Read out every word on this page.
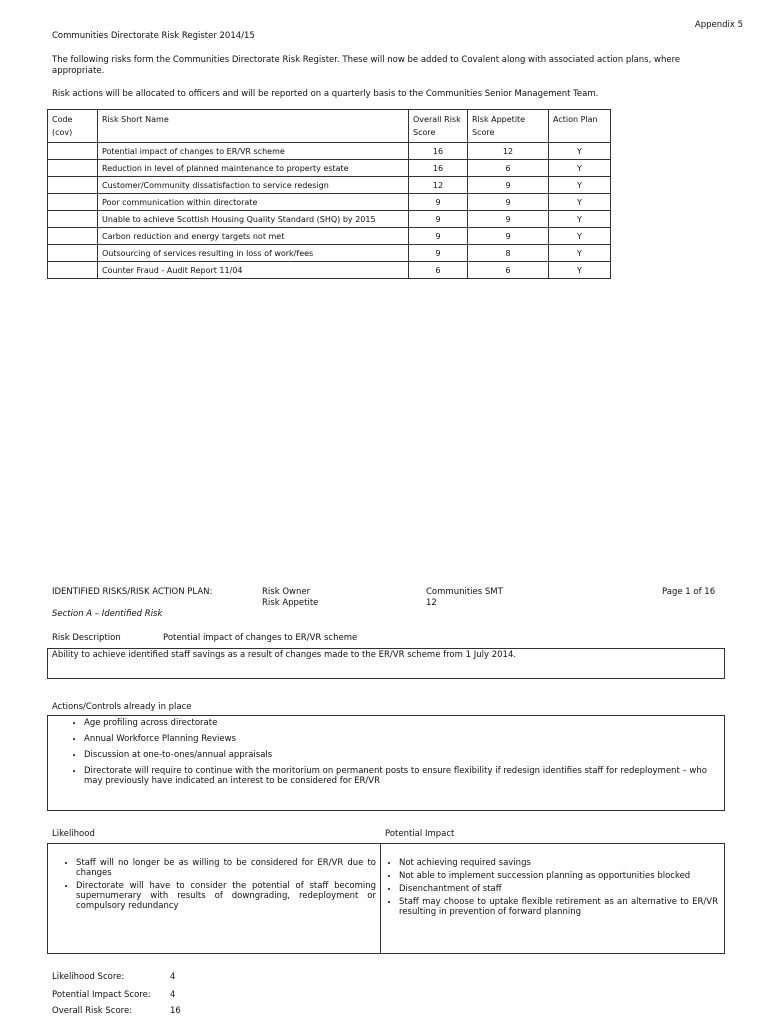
Appendix 5
Communities Directorate Risk Register 2014/15
The following risks form the Communities Directorate Risk Register. These will now be added to Covalent along with associated action plans, where appropriate.
Risk actions will be allocated to officers and will be reported on a quarterly basis to the Communities Senior Management Team.
Code (cov)	Risk Short Name	Overall Risk Score	Risk Appetite Score	Action Plan
	Potential impact of changes to ER/VR scheme	16	12	Y
	Reduction in level of planned maintenance to property estate	16	6	Y
	Customer/Community dissatisfaction to service redesign	12	9	Y
	Poor communication within directorate	9	9	Y
	Unable to achieve Scottish Housing Quality Standard (SHQ) by 2015	9	9	Y
	Carbon reduction and energy targets not met	9	9	Y
	Outsourcing of services resulting in loss of work/fees	9	8	Y
	Counter Fraud - Audit Report 11/04	6	6	Y
IDENTIFIED RISKS/RISK ACTION PLAN:	Risk Owner	Communities SMT	Page 1 of 16
Risk Appetite	12
Section A – Identified Risk
Risk Description	Potential impact of changes to ER/VR scheme
Ability to achieve identified staff savings as a result of changes made to the ER/VR scheme from 1 July 2014.
Actions/Controls already in place
• Age profiling across directorate
• Annual Workforce Planning Reviews
• Discussion at one-to-ones/annual appraisals
• Directorate will require to continue with the moritorium on permanent posts to ensure flexibility if redesign identifies staff for redeployment – who may previously have indicated an interest to be considered for ER/VR
Likelihood	Potential Impact
• Staff will no longer be as willing to be considered for ER/VR due to changes
• Directorate will have to consider the potential of staff becoming supernumerary with results of downgrading, redeployment or compulsory redundancy
• Not achieving required savings
• Not able to implement succession planning as opportunities blocked
• Disenchantment of staff
• Staff may choose to uptake flexible retirement as an alternative to ER/VR resulting in prevention of forward planning
Likelihood Score:	4
Potential Impact Score: 4
Overall Risk Score:	16
